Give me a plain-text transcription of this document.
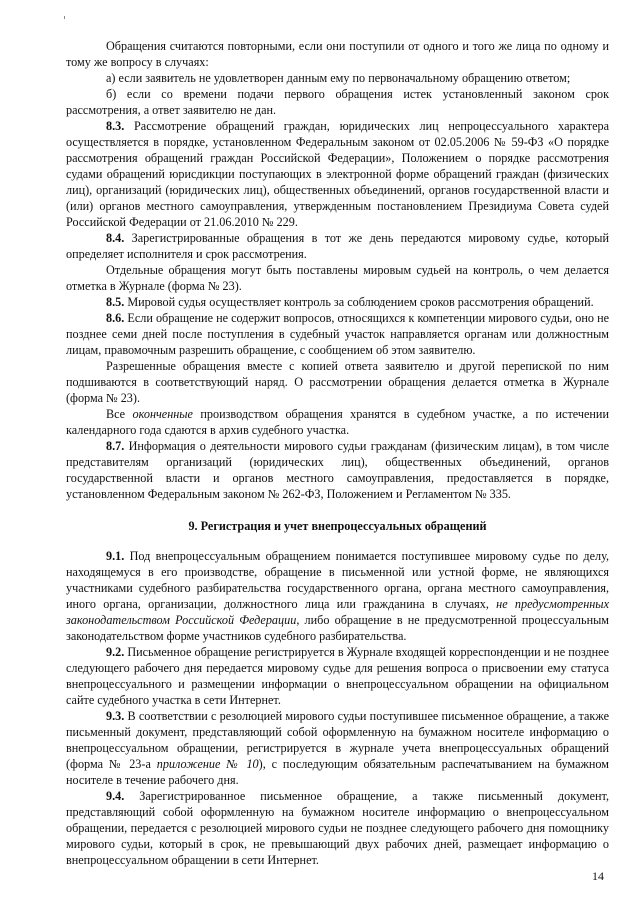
Обращения считаются повторными, если они поступили от одного и того же лица по одному и тому же вопросу в случаях:

а) если заявитель не удовлетворен данным ему по первоначальному обращению ответом;

б) если со времени подачи первого обращения истек установленный законом срок рассмотрения, а ответ заявителю не дан.

8.3. Рассмотрение обращений граждан, юридических лиц непроцессуального характера осуществляется в порядке, установленном Федеральным законом от 02.05.2006 № 59-ФЗ «О порядке рассмотрения обращений граждан Российской Федерации», Положением о порядке рассмотрения судами обращений юрисдикции поступающих в электронной форме обращений граждан (физических лиц), организаций (юридических лиц), общественных объединений, органов государственной власти и (или) органов местного самоуправления, утвержденным постановлением Президиума Совета судей Российской Федерации от 21.06.2010 № 229.

8.4. Зарегистрированные обращения в тот же день передаются мировому судье, который определяет исполнителя и срок рассмотрения.

Отдельные обращения могут быть поставлены мировым судьей на контроль, о чем делается отметка в Журнале (форма № 23).

8.5. Мировой судья осуществляет контроль за соблюдением сроков рассмотрения обращений.

8.6. Если обращение не содержит вопросов, относящихся к компетенции мирового судьи, оно не позднее семи дней после поступления в судебный участок направляется органам или должностным лицам, правомочным разрешить обращение, с сообщением об этом заявителю.

Разрешенные обращения вместе с копией ответа заявителю и другой перепиской по ним подшиваются в соответствующий наряд. О рассмотрении обращения делается отметка в Журнале (форма № 23).

Все оконченные производством обращения хранятся в судебном участке, а по истечении календарного года сдаются в архив судебного участка.

8.7. Информация о деятельности мирового судьи гражданам (физическим лицам), в том числе представителям организаций (юридических лиц), общественных объединений, органов государственной власти и органов местного самоуправления, предоставляется в порядке, установленном Федеральным законом № 262-ФЗ, Положением и Регламентом № 335.

9. Регистрация и учет внепроцессуальных обращений

9.1. Под внепроцессуальным обращением понимается поступившее мировому судье по делу, находящемуся в его производстве, обращение в письменной или устной форме, не являющихся участниками судебного разбирательства государственного органа, органа местного самоуправления, иного органа, организации, должностного лица или гражданина в случаях, не предусмотренных законодательством Российской Федерации, либо обращение в не предусмотренной процессуальным законодательством форме участников судебного разбирательства.

9.2. Письменное обращение регистрируется в Журнале входящей корреспонденции и не позднее следующего рабочего дня передается мировому судье для решения вопроса о присвоении ему статуса внепроцессуального и размещении информации о внепроцессуальном обращении на официальном сайте судебного участка в сети Интернет.

9.3. В соответствии с резолюцией мирового судьи поступившее письменное обращение, а также письменный документ, представляющий собой оформленную на бумажном носителе информацию о внепроцессуальном обращении, регистрируется в журнале учета внепроцессуальных обращений (форма № 23-а приложение № 10), с последующим обязательным распечатыванием на бумажном носителе в течение рабочего дня.

9.4. Зарегистрированное письменное обращение, а также письменный документ, представляющий собой оформленную на бумажном носителе информацию о внепроцессуальном обращении, передается с резолюцией мирового судьи не позднее следующего рабочего дня помощнику мирового судьи, который в срок, не превышающий двух рабочих дней, размещает информацию о внепроцессуальном обращении в сети Интернет.

14
